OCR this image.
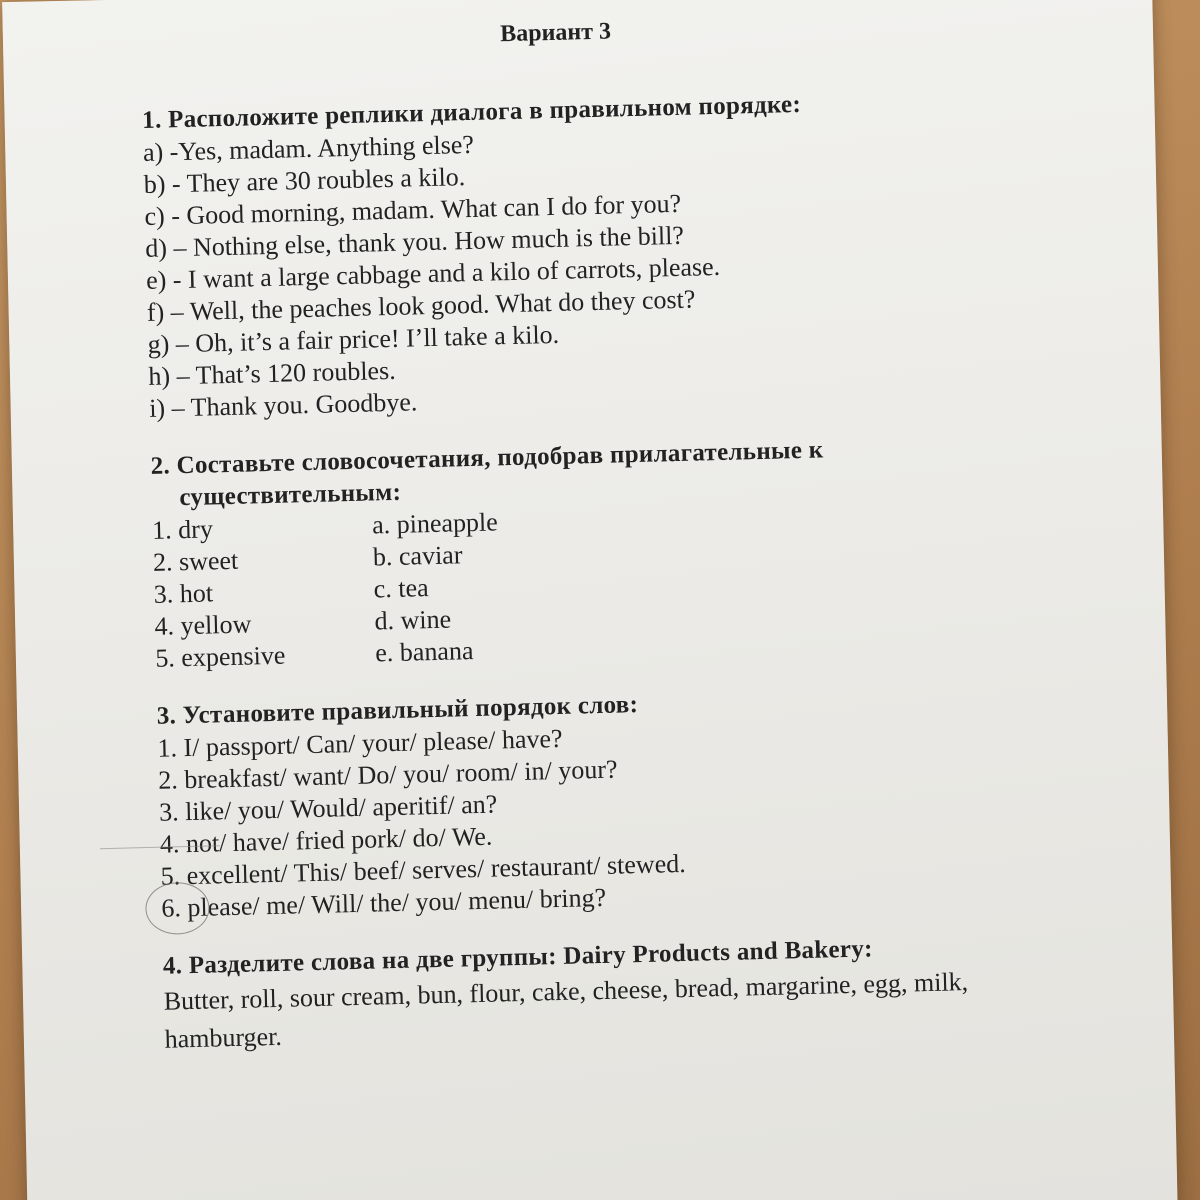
Вариант 3
1. Расположите реплики диалога в правильном порядке:
a) -Yes, madam. Anything else?
b) - They are 30 roubles a kilo.
c) - Good morning, madam. What can I do for you?
d) – Nothing else, thank you. How much is the bill?
e) - I want a large cabbage and a kilo of carrots, please.
f) – Well, the peaches look good. What do they cost?
g) – Oh, it’s a fair price! I’ll take a kilo.
h) – That’s 120 roubles.
i) – Thank you. Goodbye.
2. Составьте словосочетания, подобрав прилагательные к
существительным:
1. dry	a. pineapple
2. sweet	b. caviar
3. hot	c. tea
4. yellow	d. wine
5. expensive	e. banana
3. Установите правильный порядок слов:
1. I/ passport/ Can/ your/ please/ have?
2. breakfast/ want/ Do/ you/ room/ in/ your?
3. like/ you/ Would/ aperitif/ an?
4. not/ have/ fried pork/ do/ We.
5. excellent/ This/ beef/ serves/ restaurant/ stewed.
6. please/ me/ Will/ the/ you/ menu/ bring?
4. Разделите слова на две группы: Dairy Products and Bakery:
Butter, roll, sour cream, bun, flour, cake, cheese, bread, margarine, egg, milk, hamburger.
